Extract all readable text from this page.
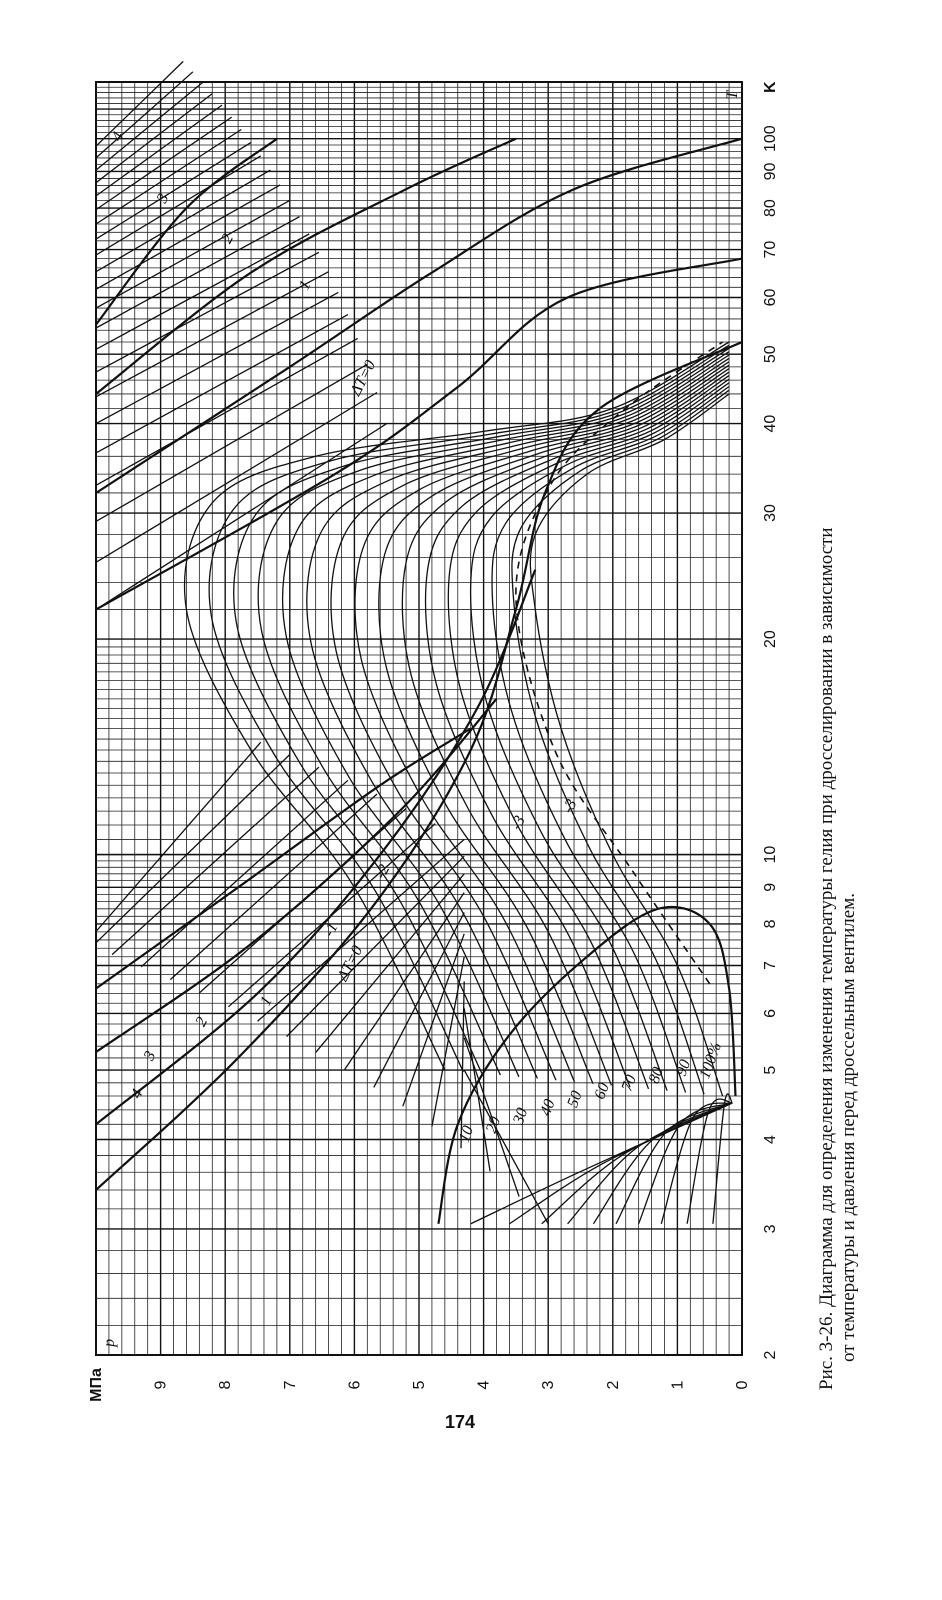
10 20 30 40 50 60 70 80 90 100%
ΔT=0
1
2
3
4
-1
-2
-3
ΔT=0
1
2
-3
3
4
2
3
4
5
6
7
8
9
10
20
30
40
50
60
70
80
90
100
K
T
0
1
2
3
4
5
6
7
8
9
МПа
p
174
Рис. 3-26. Диаграмма для определения изменения температуры гелия при дросселировании в зависимости от температуры и давления перед дроссельным вентилем.
